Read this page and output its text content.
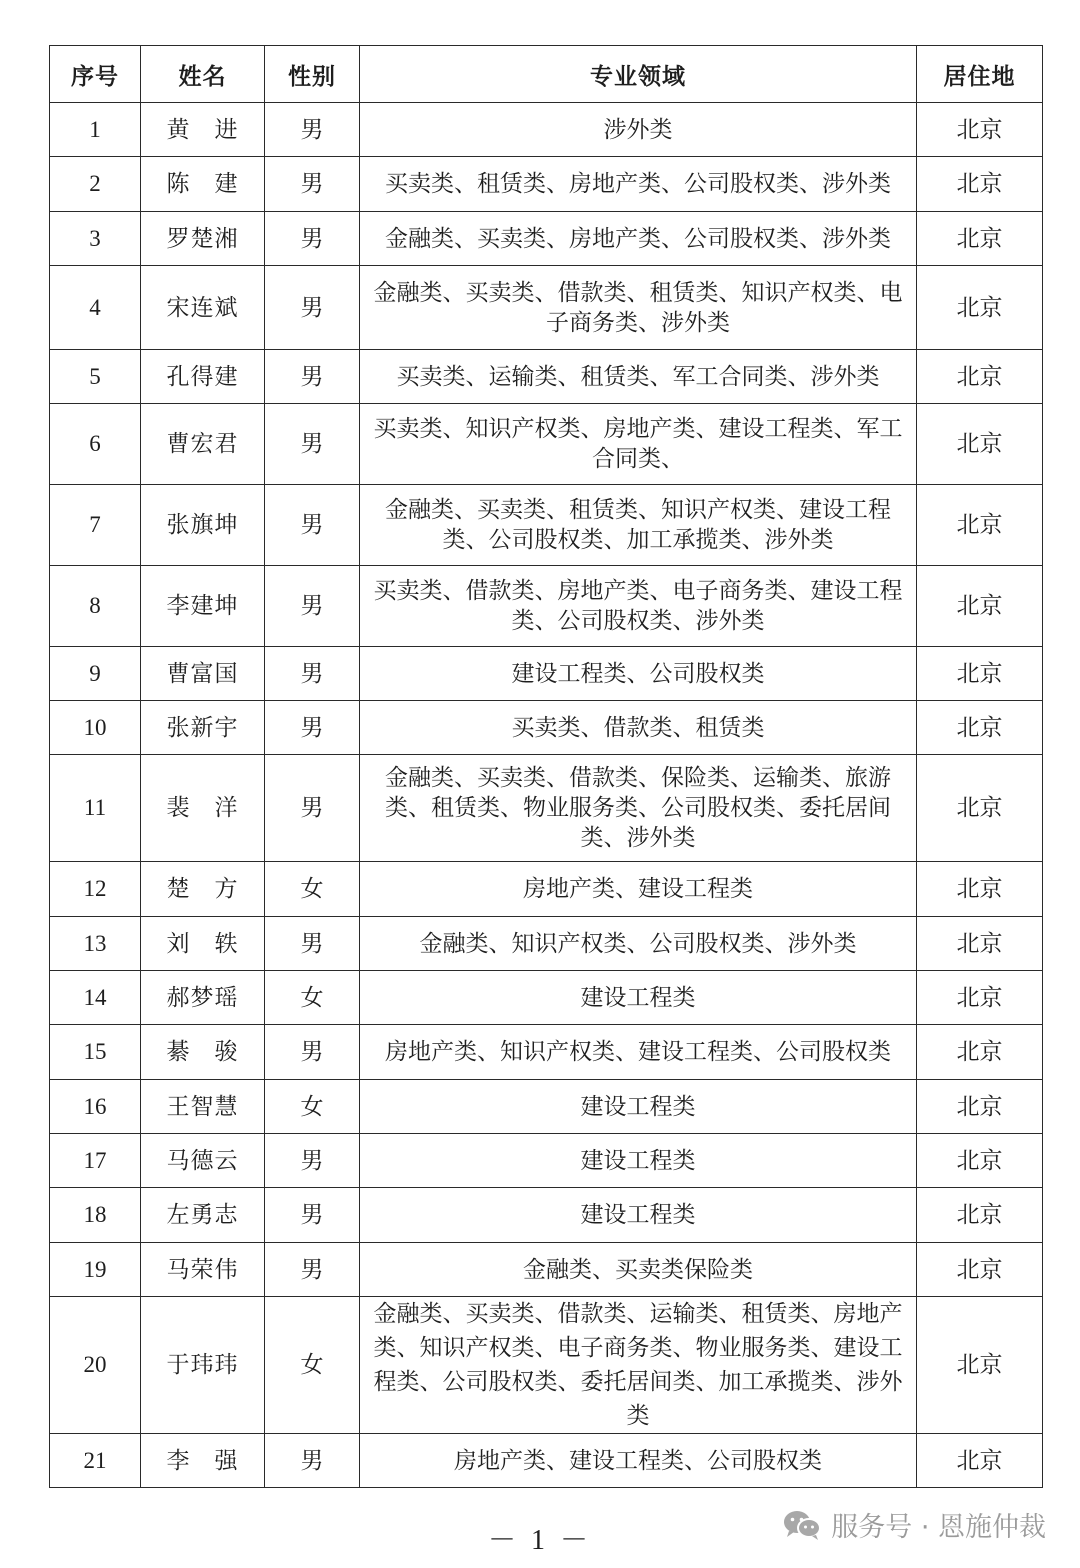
序号	姓名	性别	专业领域	居住地
1	黄　进	男	涉外类	北京
2	陈　建	男	买卖类、租赁类、房地产类、公司股权类、涉外类	北京
3	罗楚湘	男	金融类、买卖类、房地产类、公司股权类、涉外类	北京
4	宋连斌	男	金融类、买卖类、借款类、租赁类、知识产权类、电子商务类、涉外类	北京
5	孔得建	男	买卖类、运输类、租赁类、军工合同类、涉外类	北京
6	曹宏君	男	买卖类、知识产权类、房地产类、建设工程类、军工合同类、	北京
7	张旗坤	男	金融类、买卖类、租赁类、知识产权类、建设工程类、公司股权类、加工承揽类、涉外类	北京
8	李建坤	男	买卖类、借款类、房地产类、电子商务类、建设工程类、公司股权类、涉外类	北京
9	曹富国	男	建设工程类、公司股权类	北京
10	张新宇	男	买卖类、借款类、租赁类	北京
11	裴　洋	男	金融类、买卖类、借款类、保险类、运输类、旅游类、租赁类、物业服务类、公司股权类、委托居间类、涉外类	北京
12	楚　方	女	房地产类、建设工程类	北京
13	刘　轶	男	金融类、知识产权类、公司股权类、涉外类	北京
14	郝梦瑶	女	建设工程类	北京
15	綦　骏	男	房地产类、知识产权类、建设工程类、公司股权类	北京
16	王智慧	女	建设工程类	北京
17	马德云	男	建设工程类	北京
18	左勇志	男	建设工程类	北京
19	马荣伟	男	金融类、买卖类保险类	北京
20	于玮玮	女	金融类、买卖类、借款类、运输类、租赁类、房地产类、知识产权类、电子商务类、物业服务类、建设工程类、公司股权类、委托居间类、加工承揽类、涉外类	北京
21	李　强	男	房地产类、建设工程类、公司股权类	北京
－ 1 －	服务号 · 恩施仲裁
